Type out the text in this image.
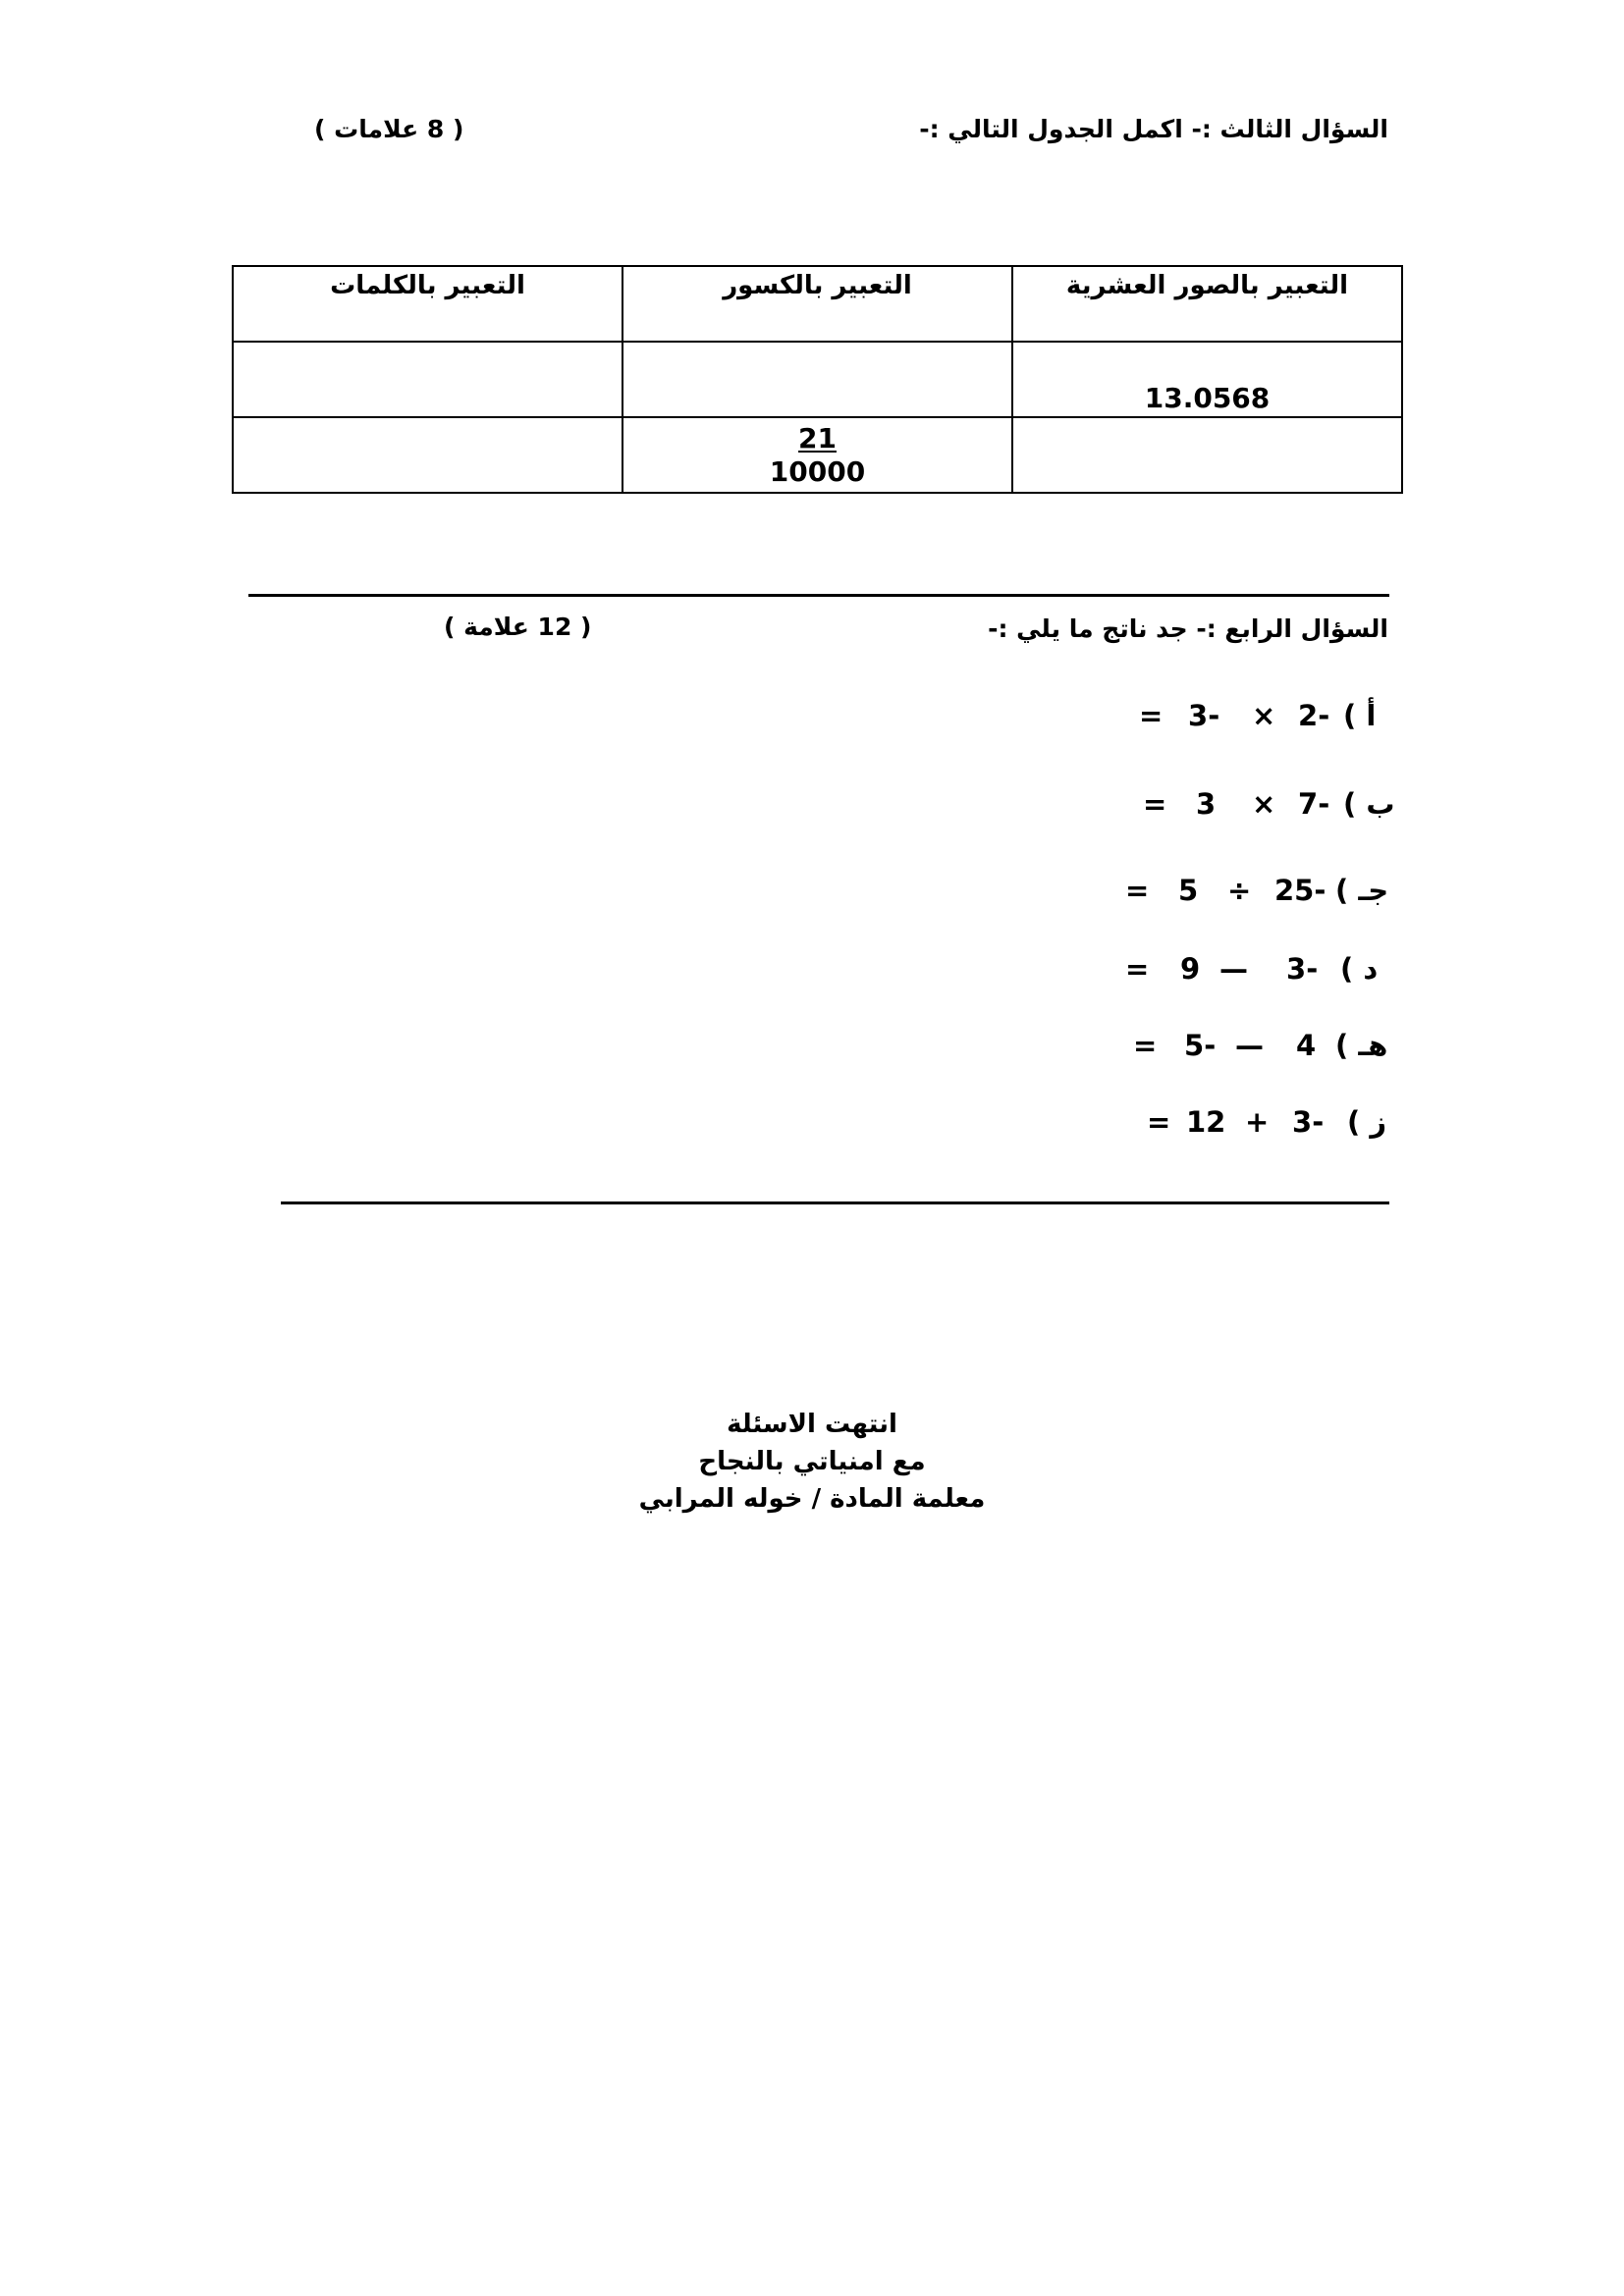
السؤال الثالث :- اكمل الجدول التالي :-
( 8 علامات )
التعبير بالصور العشرية	التعبير بالكسور	التعبير بالكلمات

13.0568		

	$\frac{21}{10000}$

السؤال الرابع :- جد ناتج ما يلي :-
( 12 علامة )
أ )
-2
×
-3
=
ب )
-7
×
3
=
جـ )
-25
÷
5
=
د )
-3
—
9
=
هـ )
4
—
-5
=
ز )
-3
+
12
=
انتهت الاسئلة
مع امنياتي بالنجاح
معلمة المادة / خوله المرابي
